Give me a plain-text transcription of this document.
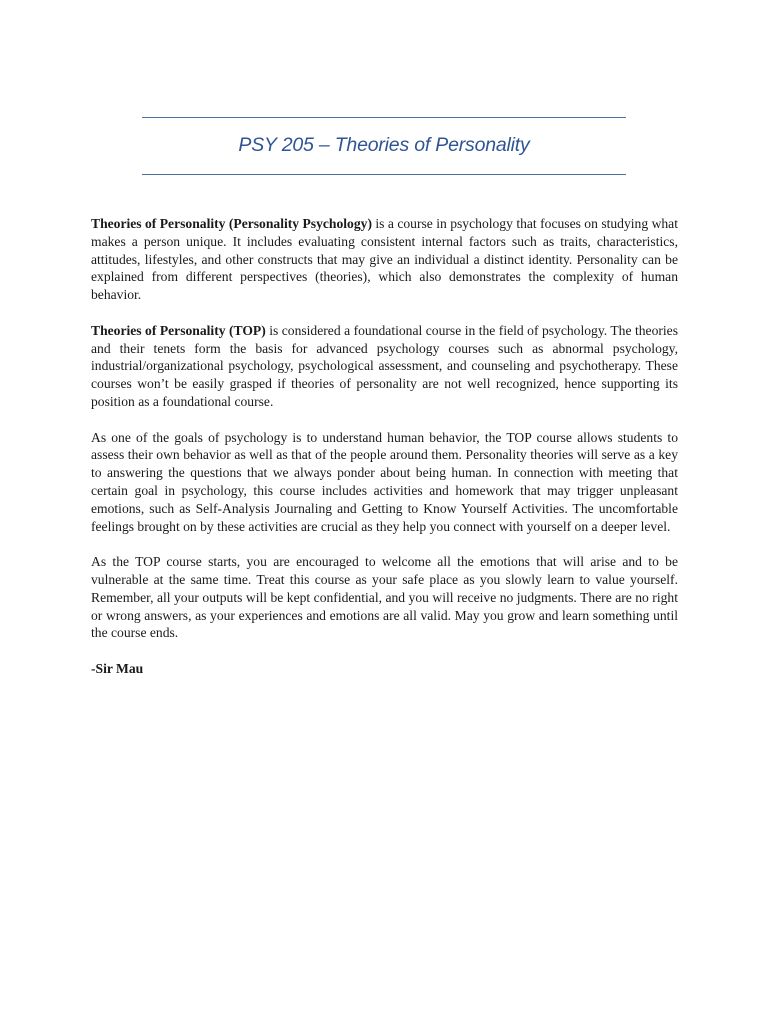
PSY 205 – Theories of Personality

Theories of Personality (Personality Psychology) is a course in psychology that focuses on studying what makes a person unique. It includes evaluating consistent internal factors such as traits, characteristics, attitudes, lifestyles, and other constructs that may give an individual a distinct identity. Personality can be explained from different perspectives (theories), which also demonstrates the complexity of human behavior.

Theories of Personality (TOP) is considered a foundational course in the field of psychology. The theories and their tenets form the basis for advanced psychology courses such as abnormal psychology, industrial/organizational psychology, psychological assessment, and counseling and psychotherapy. These courses won’t be easily grasped if theories of personality are not well recognized, hence supporting its position as a foundational course.

As one of the goals of psychology is to understand human behavior, the TOP course allows students to assess their own behavior as well as that of the people around them. Personality theories will serve as a key to answering the questions that we always ponder about being human. In connection with meeting that certain goal in psychology, this course includes activities and homework that may trigger unpleasant emotions, such as Self-Analysis Journaling and Getting to Know Yourself Activities. The uncomfortable feelings brought on by these activities are crucial as they help you connect with yourself on a deeper level.

As the TOP course starts, you are encouraged to welcome all the emotions that will arise and to be vulnerable at the same time. Treat this course as your safe place as you slowly learn to value yourself. Remember, all your outputs will be kept confidential, and you will receive no judgments. There are no right or wrong answers, as your experiences and emotions are all valid. May you grow and learn something until the course ends.

-Sir Mau
